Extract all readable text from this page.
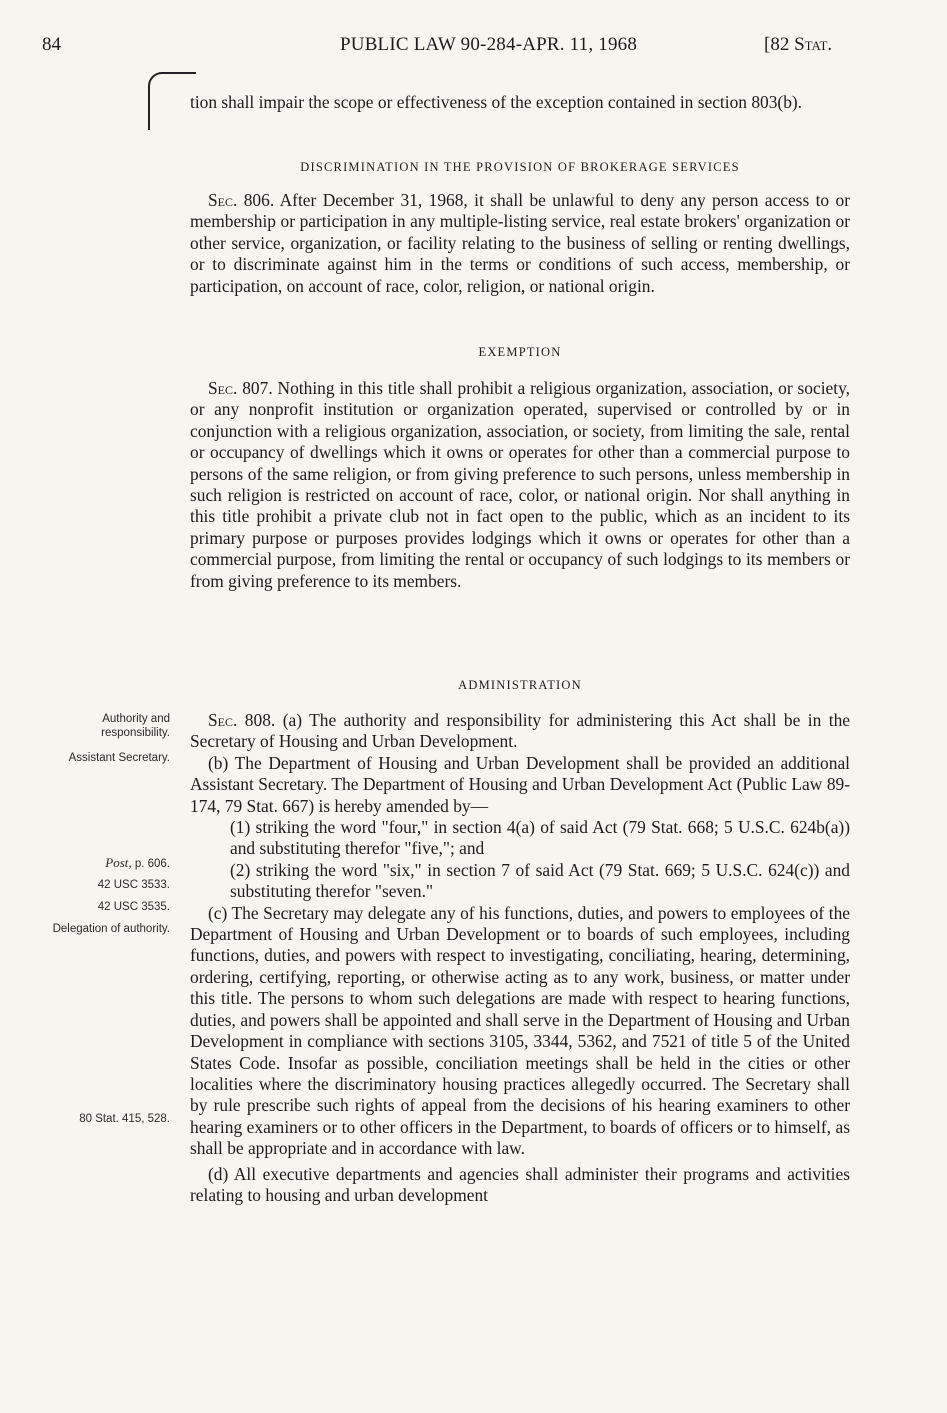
84	PUBLIC LAW 90-284-APR. 11, 1968	[82 Stat.

tion shall impair the scope or effectiveness of the exception contained in section 803(b).

DISCRIMINATION IN THE PROVISION OF BROKERAGE SERVICES

Sec. 806. After December 31, 1968, it shall be unlawful to deny any person access to or membership or participation in any multiple-listing service, real estate brokers' organization or other service, organization, or facility relating to the business of selling or renting dwellings, or to discriminate against him in the terms or conditions of such access, membership, or participation, on account of race, color, religion, or national origin.

EXEMPTION

Sec. 807. Nothing in this title shall prohibit a religious organization, association, or society, or any nonprofit institution or organization operated, supervised or controlled by or in conjunction with a religious organization, association, or society, from limiting the sale, rental or occupancy of dwellings which it owns or operates for other than a commercial purpose to persons of the same religion, or from giving preference to such persons, unless membership in such religion is restricted on account of race, color, or national origin. Nor shall anything in this title prohibit a private club not in fact open to the public, which as an incident to its primary purpose or purposes provides lodgings which it owns or operates for other than a commercial purpose, from limiting the rental or occupancy of such lodgings to its members or from giving preference to its members.

ADMINISTRATION

Sec. 808. (a) The authority and responsibility for administering this Act shall be in the Secretary of Housing and Urban Development.

(b) The Department of Housing and Urban Development shall be provided an additional Assistant Secretary. The Department of Housing and Urban Development Act (Public Law 89-174, 79 Stat. 667) is hereby amended by—

(1) striking the word "four," in section 4(a) of said Act (79 Stat. 668; 5 U.S.C. 624b(a)) and substituting therefor "five,"; and

(2) striking the word "six," in section 7 of said Act (79 Stat. 669; 5 U.S.C. 624(c)) and substituting therefor "seven."

(c) The Secretary may delegate any of his functions, duties, and powers to employees of the Department of Housing and Urban Development or to boards of such employees, including functions, duties, and powers with respect to investigating, conciliating, hearing, determining, ordering, certifying, reporting, or otherwise acting as to any work, business, or matter under this title. The persons to whom such delegations are made with respect to hearing functions, duties, and powers shall be appointed and shall serve in the Department of Housing and Urban Development in compliance with sections 3105, 3344, 5362, and 7521 of title 5 of the United States Code. Insofar as possible, conciliation meetings shall be held in the cities or other localities where the discriminatory housing practices allegedly occurred. The Secretary shall by rule prescribe such rights of appeal from the decisions of his hearing examiners to other hearing examiners or to other officers in the Department, to boards of officers or to himself, as shall be appropriate and in accordance with law.

(d) All executive departments and agencies shall administer their programs and activities relating to housing and urban development

Authority and responsibility.
Assistant Secretary.
Post, p. 606.
42 USC 3533.
42 USC 3535.
Delegation of authority.
80 Stat. 415, 528.
